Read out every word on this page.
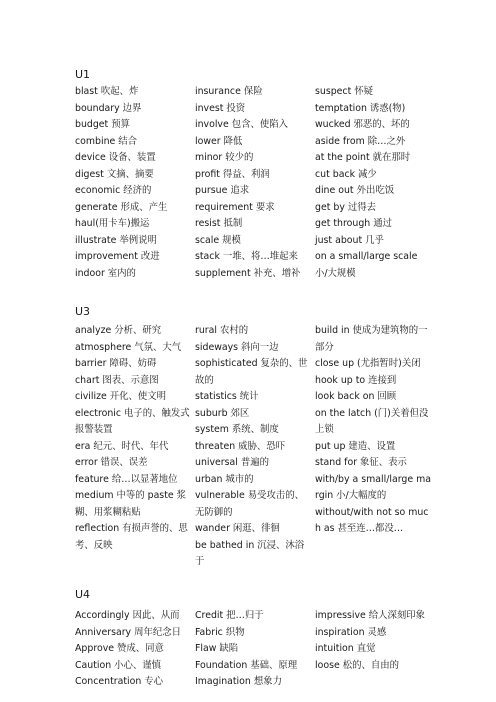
U1
blast 吹起、炸
boundary 边界
budget 预算
combine 结合
device 设备、装置
digest 文摘、摘要
economic 经济的
generate 形成、产生
haul(用卡车)搬运
illustrate 举例说明
improvement 改进
indoor 室内的
insurance 保险
invest 投资
involve 包含、使陷入
lower 降低
minor 较少的
profit 得益、利润
pursue 追求
requirement 要求
resist 抵制
scale 规模
stack 一堆、将…堆起来
supplement 补充、增补
suspect 怀疑
temptation 诱惑(物)
wucked 邪恶的、坏的
aside from 除…之外
at the point 就在那时
cut back 减少
dine out 外出吃饭
get by 过得去
get through 通过
just about 几乎
on a small/large scale 小/大规模
U3
analyze 分析、研究
atmosphere 气氛、大气
barrier 障碍、妨碍
chart 图表、示意图
civilize 开化、使文明
electronic 电子的、触发式报警装置
era 纪元、时代、年代
error 错误、误差
feature 给…以显著地位
medium 中等的 paste 浆糊、用浆糊粘贴
reflection 有损声誉的、思考、反映
rural 农村的
sideways 斜向一边
sophisticated 复杂的、世故的
statistics 统计
suburb 郊区
system 系统、制度
threaten 威胁、恐吓
universal 普遍的
urban 城市的
vulnerable 易受攻击的、无防御的
wander 闲逛、徘徊
be bathed in 沉浸、沐浴于
build in 使成为建筑物的一部分
close up (尤指暂时)关闭
hook up to 连接到
look back on 回顾
on the latch (门)关着但没上锁
put up 建造、设置
stand for 象征、表示
with/by a small/large margin 小/大幅度的
without/with not so much as 甚至连…都没…
U4
Accordingly 因此、从而
Anniversary 周年纪念日
Approve 赞成、同意
Caution 小心、谨慎
Concentration 专心
Credit 把…归于
Fabric 织物
Flaw 缺陷
Foundation 基础、原理
Imagination 想象力
impressive 给人深刻印象
inspiration 灵感
intuition 直觉
loose 松的、自由的
